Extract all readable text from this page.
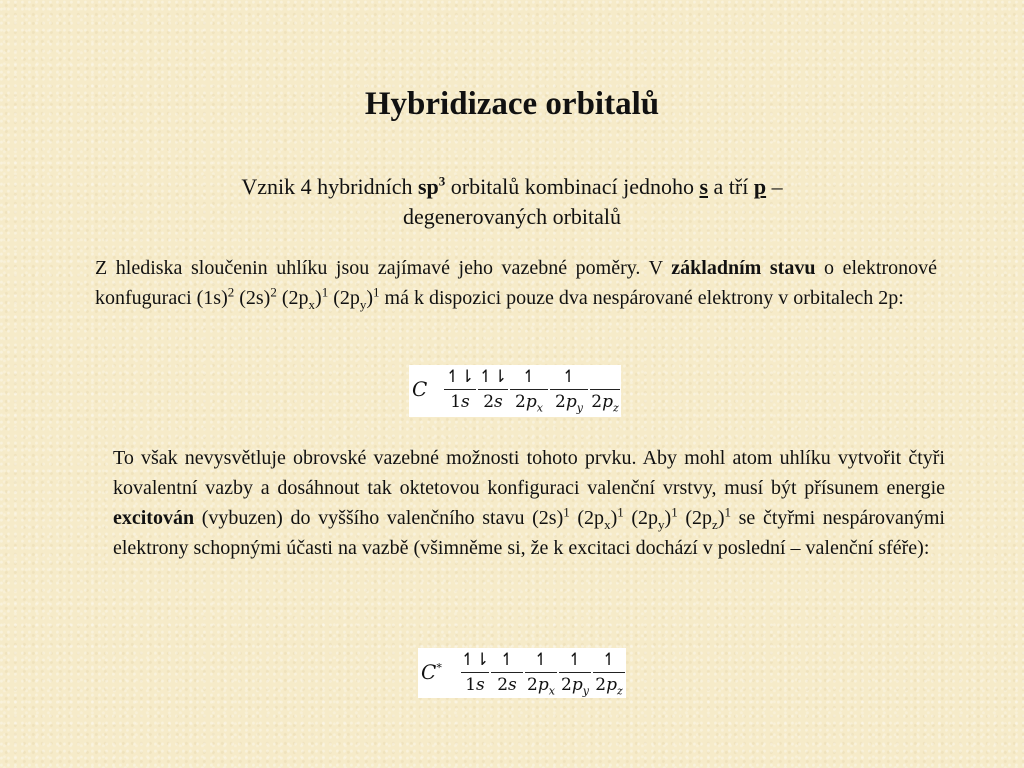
Hybridizace orbitalů
Vznik 4 hybridních $sp^3$ orbitalů kombinací jednoho s a tří p –
degenerovaných orbitalů
Z hlediska sloučenin uhlíku jsou zajímavé jeho vazebné poměry. V základním stavu o elektronové konfuguraci $(1s)^2$ $(2s)^2$ $(2p_x)^1$ $(2p_y)^1$ má k dispozici pouze dva nespárované elektrony v orbitalech 2p:
C ↿⇂
1s
↿⇂
2s
↿
$2p_x$
↿
$2p_y$ $2p_z$
To však nevysvětluje obrovské vazebné možnosti tohoto prvku. Aby mohl atom uhlíku vytvořit čtyři kovalentní vazby a dosáhnout tak oktetovou konfiguraci valenční vrstvy, musí být přísunem energie excitován (vybuzen) do vyššího valenčního stavu $(2s)^1$ $(2p_x)^1$ $(2p_y)^1$ $(2p_z)^1$ se čtyřmi nespárovanými elektrony schopnými účasti na vazbě (všimněme si, že k excitaci dochází v poslední – valenční sféře):
C* ↿⇂
1s
↿
2s
↿
$2p_x$
↿
$2p_y$
↿
$2p_z$
